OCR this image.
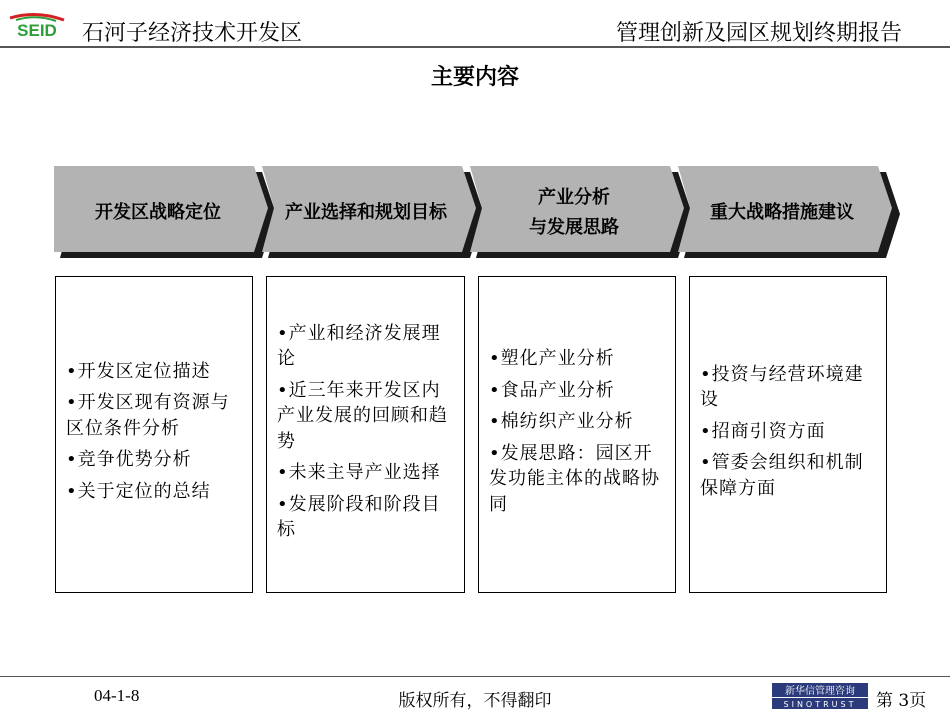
SEID 石河子经济技术开发区	管理创新及园区规划终期报告
主要内容
开发区战略定位	产业选择和规划目标
产业分析
与发展思路
重大战略措施建议
• 开发区定位描述
• 开发区现有资源与区位条件分析
• 竞争优势分析
• 关于定位的总结
• 产业和经济发展理论
• 近三年来开发区内产业发展的回顾和趋势
• 未来主导产业选择
• 发展阶段和阶段目标
• 塑化产业分析
• 食品产业分析
• 棉纺织产业分析
• 发展思路：园区开发功能主体的战略协同
• 投资与经营环境建设
• 招商引资方面
• 管委会组织和机制保障方面
04-1-8	版权所有，不得翻印	新华信管理咨询
SINOTRUST 第 3页
